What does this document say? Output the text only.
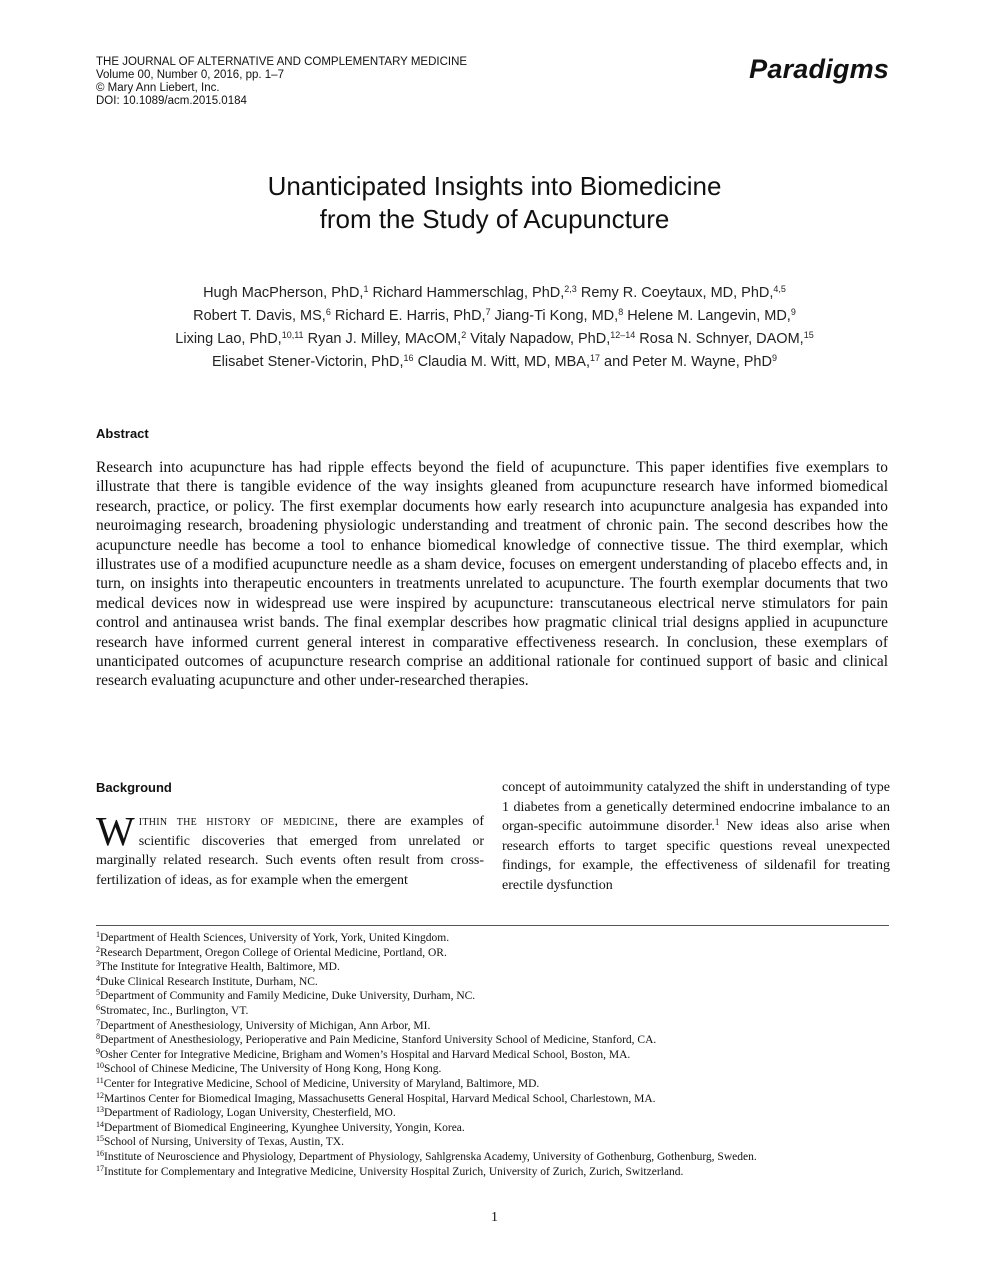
THE JOURNAL OF ALTERNATIVE AND COMPLEMENTARY MEDICINE
Volume 00, Number 0, 2016, pp. 1–7
© Mary Ann Liebert, Inc.
DOI: 10.1089/acm.2015.0184
Paradigms
Unanticipated Insights into Biomedicine
from the Study of Acupuncture
Hugh MacPherson, PhD,$^1$ Richard Hammerschlag, PhD,$^{2,3}$ Remy R. Coeytaux, MD, PhD,$^{4,5}$
Robert T. Davis, MS,$^6$ Richard E. Harris, PhD,$^7$ Jiang-Ti Kong, MD,$^8$ Helene M. Langevin, MD,$^9$
Lixing Lao, PhD,$^{10,11}$ Ryan J. Milley, MAcOM,$^2$ Vitaly Napadow, PhD,$^{12-14}$ Rosa N. Schnyer, DAOM,$^{15}$
Elisabet Stener-Victorin, PhD,$^{16}$ Claudia M. Witt, MD, MBA,$^{17}$ and Peter M. Wayne, PhD$^9$
Abstract
Research into acupuncture has had ripple effects beyond the field of acupuncture. This paper identifies five exemplars to illustrate that there is tangible evidence of the way insights gleaned from acupuncture research have informed biomedical research, practice, or policy. The first exemplar documents how early research into acupuncture analgesia has expanded into neuroimaging research, broadening physiologic understanding and treatment of chronic pain. The second describes how the acupuncture needle has become a tool to enhance biomedical knowledge of connective tissue. The third exemplar, which illustrates use of a modified acupuncture needle as a sham device, focuses on emergent understanding of placebo effects and, in turn, on insights into therapeutic encounters in treatments unrelated to acupuncture. The fourth exemplar documents that two medical devices now in widespread use were inspired by acupuncture: transcutaneous electrical nerve stimulators for pain control and antinausea wrist bands. The final exemplar describes how pragmatic clinical trial designs applied in acupuncture research have informed current general interest in comparative effectiveness research. In conclusion, these exemplars of unanticipated outcomes of acupuncture research comprise an additional rationale for continued support of basic and clinical research evaluating acupuncture and other under-researched therapies.
Background
Within the history of medicine, there are examples of scientific discoveries that emerged from unrelated or marginally related research. Such events often result from cross-fertilization of ideas, as for example when the emergent
concept of autoimmunity catalyzed the shift in understanding of type 1 diabetes from a genetically determined endocrine imbalance to an organ-specific autoimmune disorder.$^1$ New ideas also arise when research efforts to target specific questions reveal unexpected findings, for example, the effectiveness of sildenafil for treating erectile dysfunction
$^1$Department of Health Sciences, University of York, York, United Kingdom.
$^2$Research Department, Oregon College of Oriental Medicine, Portland, OR.
$^3$The Institute for Integrative Health, Baltimore, MD.
$^4$Duke Clinical Research Institute, Durham, NC.
$^5$Department of Community and Family Medicine, Duke University, Durham, NC.
$^6$Stromatec, Inc., Burlington, VT.
$^7$Department of Anesthesiology, University of Michigan, Ann Arbor, MI.
$^8$Department of Anesthesiology, Perioperative and Pain Medicine, Stanford University School of Medicine, Stanford, CA.
$^9$Osher Center for Integrative Medicine, Brigham and Women’s Hospital and Harvard Medical School, Boston, MA.
$^{10}$School of Chinese Medicine, The University of Hong Kong, Hong Kong.
$^{11}$Center for Integrative Medicine, School of Medicine, University of Maryland, Baltimore, MD.
$^{12}$Martinos Center for Biomedical Imaging, Massachusetts General Hospital, Harvard Medical School, Charlestown, MA.
$^{13}$Department of Radiology, Logan University, Chesterfield, MO.
$^{14}$Department of Biomedical Engineering, Kyunghee University, Yongin, Korea.
$^{15}$School of Nursing, University of Texas, Austin, TX.
$^{16}$Institute of Neuroscience and Physiology, Department of Physiology, Sahlgrenska Academy, University of Gothenburg, Gothenburg, Sweden.
$^{17}$Institute for Complementary and Integrative Medicine, University Hospital Zurich, University of Zurich, Zurich, Switzerland.
1
